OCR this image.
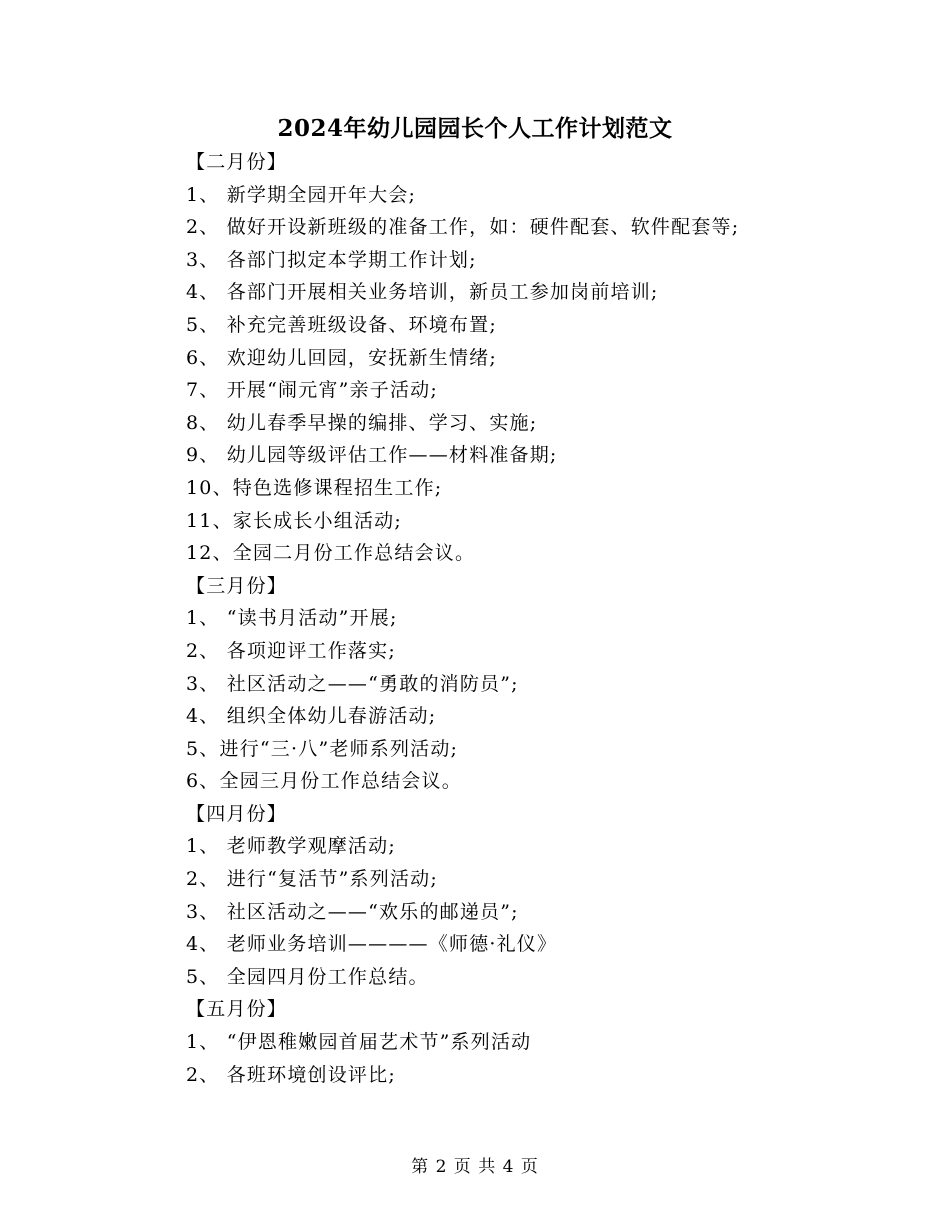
2024年幼儿园园长个人工作计划范文
【二月份】
1、 新学期全园开年大会;
2、 做好开设新班级的准备工作，如：硬件配套、软件配套等;
3、 各部门拟定本学期工作计划;
4、 各部门开展相关业务培训，新员工参加岗前培训;
5、 补充完善班级设备、环境布置;
6、 欢迎幼儿回园，安抚新生情绪;
7、 开展“闹元宵”亲子活动;
8、 幼儿春季早操的编排、学习、实施;
9、 幼儿园等级评估工作——材料准备期;
10、特色选修课程招生工作;
11、家长成长小组活动;
12、全园二月份工作总结会议。
【三月份】
1、 “读书月活动”开展;
2、 各项迎评工作落实;
3、 社区活动之——“勇敢的消防员”;
4、 组织全体幼儿春游活动;
5、进行“三·八”老师系列活动;
6、全园三月份工作总结会议。
【四月份】
1、 老师教学观摩活动;
2、 进行“复活节”系列活动;
3、 社区活动之——“欢乐的邮递员”;
4、 老师业务培训————《师德·礼仪》
5、 全园四月份工作总结。
【五月份】
1、 “伊恩稚嫩园首届艺术节”系列活动
2、 各班环境创设评比;
第 2 页 共 4 页
